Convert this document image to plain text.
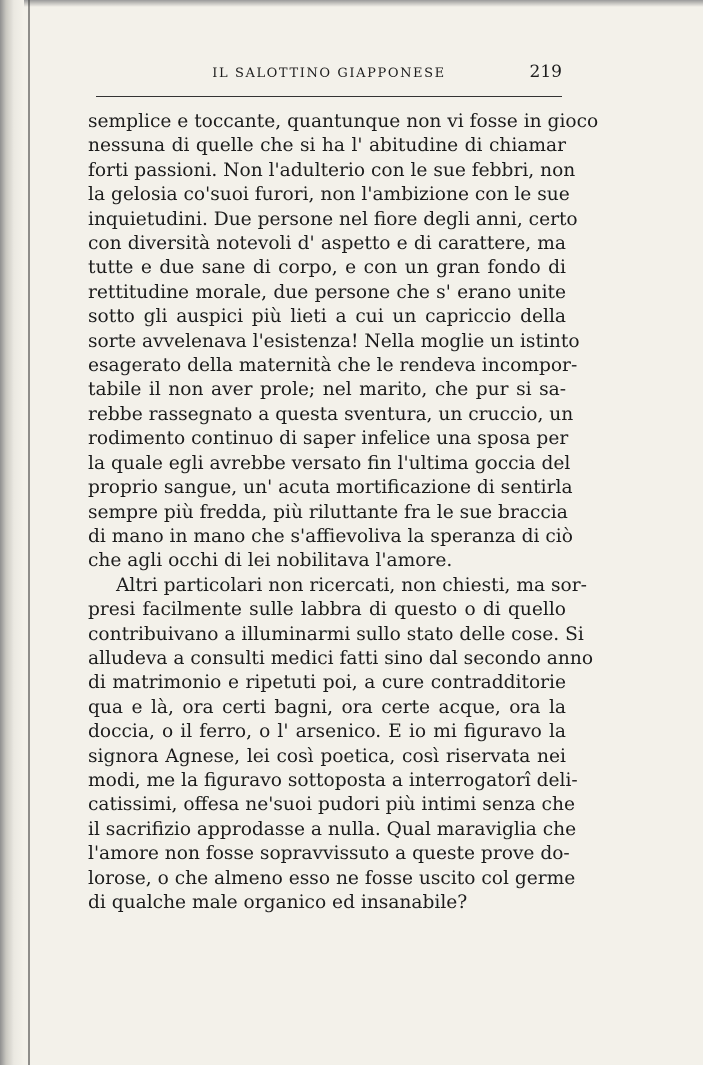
IL SALOTTINO GIAPPONESE	219
semplice e toccante, quantunque non vi fosse in gioco
nessuna di quelle che si ha l' abitudine di chiamar
forti passioni. Non l'adulterio con le sue febbri, non
la gelosia co'suoi furori, non l'ambizione con le sue
inquietudini. Due persone nel fiore degli anni, certo
con diversità notevoli d' aspetto e di carattere, ma
tutte e due sane di corpo, e con un gran fondo di
rettitudine morale, due persone che s' erano unite
sotto gli auspici più lieti a cui un capriccio della
sorte avvelenava l'esistenza! Nella moglie un istinto
esagerato della maternità che le rendeva incompor-
tabile il non aver prole; nel marito, che pur si sa-
rebbe rassegnato a questa sventura, un cruccio, un
rodimento continuo di saper infelice una sposa per
la quale egli avrebbe versato fin l'ultima goccia del
proprio sangue, un' acuta mortificazione di sentirla
sempre più fredda, più riluttante fra le sue braccia
di mano in mano che s'affievoliva la speranza di ciò
che agli occhi di lei nobilitava l'amore.
Altri particolari non ricercati, non chiesti, ma sor-
presi facilmente sulle labbra di questo o di quello
contribuivano a illuminarmi sullo stato delle cose. Si
alludeva a consulti medici fatti sino dal secondo anno
di matrimonio e ripetuti poi, a cure contradditorie
qua e là, ora certi bagni, ora certe acque, ora la
doccia, o il ferro, o l' arsenico. E io mi figuravo la
signora Agnese, lei così poetica, così riservata nei
modi, me la figuravo sottoposta a interrogatorî deli-
catissimi, offesa ne'suoi pudori più intimi senza che
il sacrifizio approdasse a nulla. Qual maraviglia che
l'amore non fosse sopravvissuto a queste prove do-
lorose, o che almeno esso ne fosse uscito col germe
di qualche male organico ed insanabile?
